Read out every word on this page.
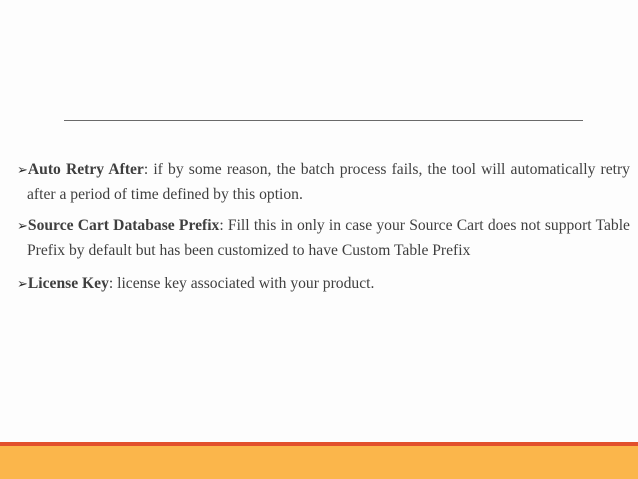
➢Auto Retry After: if by some reason, the batch process fails, the tool will automatically retry after a period of time defined by this option.

➢Source Cart Database Prefix: Fill this in only in case your Source Cart does not support Table Prefix by default but has been customized to have Custom Table Prefix

➢License Key: license key associated with your product.
